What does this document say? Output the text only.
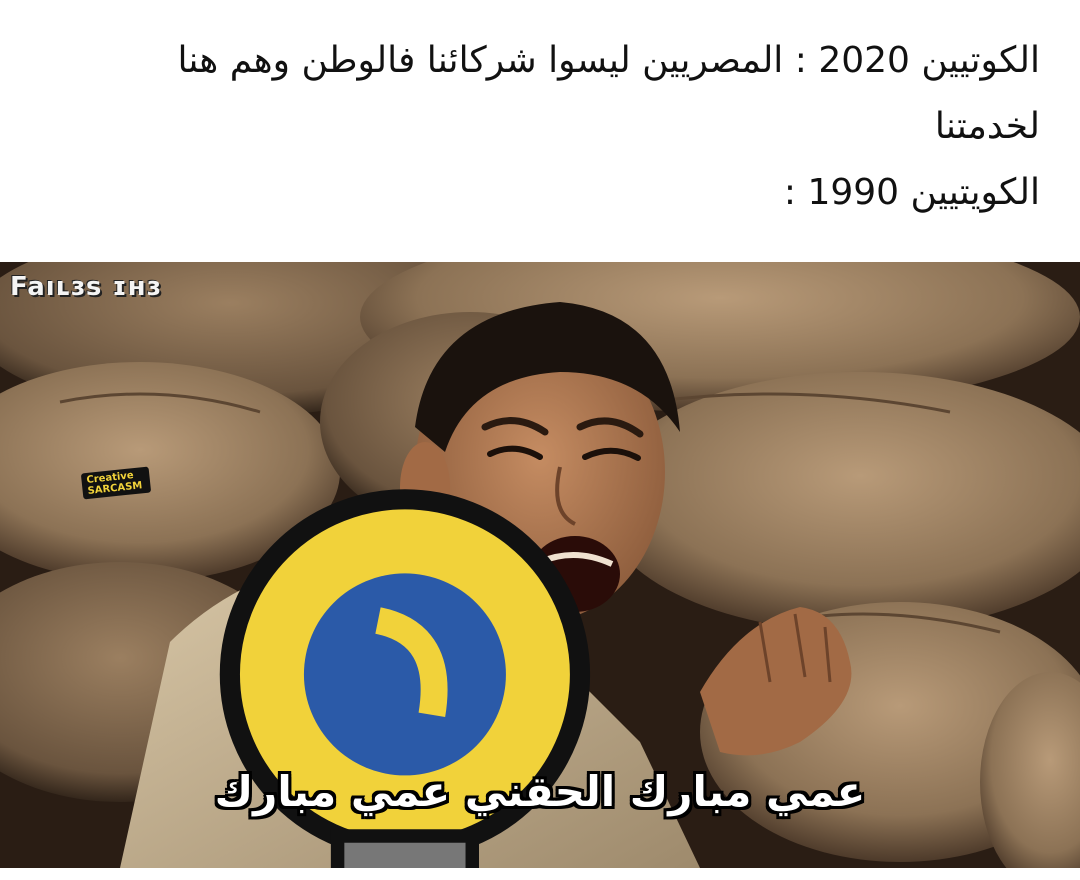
الكوتيين 2020 : المصريين ليسوا شركائنا فالوطن وهم هنا
لخدمتنا
الكويتيين 1990 :
Fa⁠ıʟɜs ɪʜɜ
Creative SARCASM
عمي مبارك الحقني عمي مبارك
